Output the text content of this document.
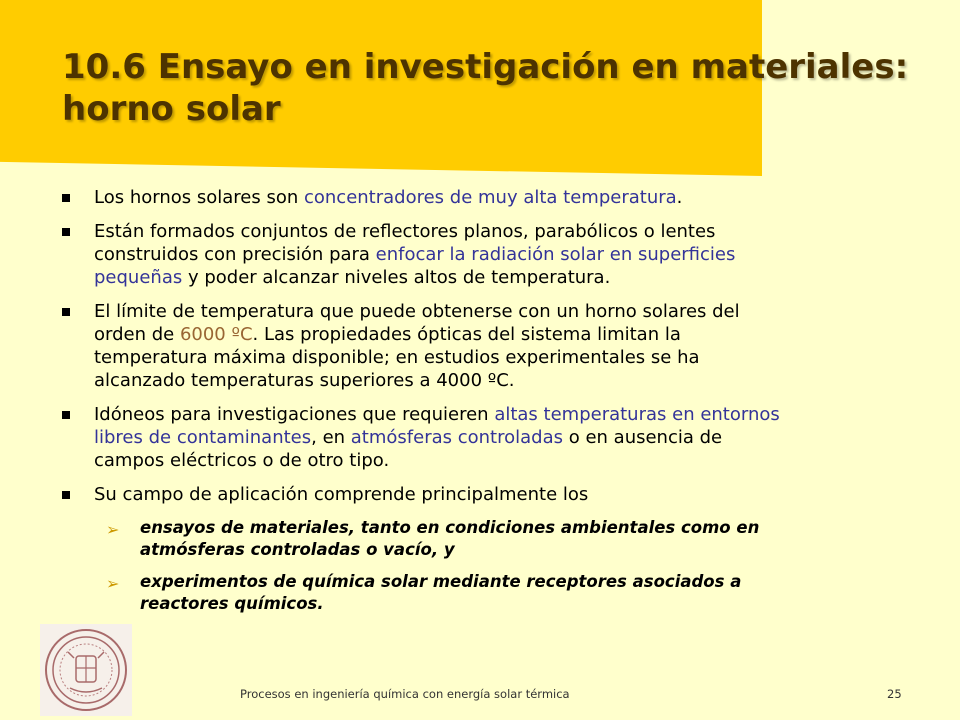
10.6 Ensayo en investigación en materiales:
horno solar
Los hornos solares son concentradores de muy alta temperatura.
Están formados conjuntos de reflectores planos, parabólicos o lentes
construidos con precisión para enfocar la radiación solar en superficies
pequeñas y poder alcanzar niveles altos de temperatura.
El límite de temperatura que puede obtenerse con un horno solares del
orden de 6000 ºC. Las propiedades ópticas del sistema limitan la
temperatura máxima disponible; en estudios experimentales se ha
alcanzado temperaturas superiores a 4000 ºC.
Idóneos para investigaciones que requieren altas temperaturas en entornos
libres de contaminantes, en atmósferas controladas o en ausencia de
campos eléctricos o de otro tipo.
Su campo de aplicación comprende principalmente los
➢ ensayos de materiales, tanto en condiciones ambientales como en
atmósferas controladas o vacío, y
➢ experimentos de química solar mediante receptores asociados a
reactores químicos.
Procesos en ingeniería química con energía solar térmica	25
